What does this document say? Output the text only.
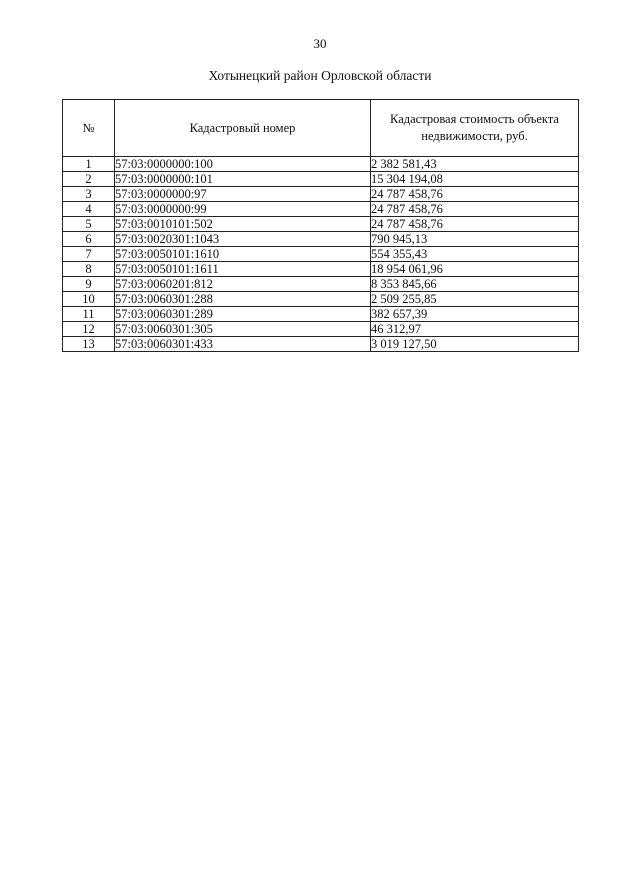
30
Хотынецкий район Орловской области
№	Кадастровый номер	Кадастровая стоимость объекта недвижимости, руб.
1	57:03:0000000:100	2 382 581,43
2	57:03:0000000:101	15 304 194,08
3	57:03:0000000:97	24 787 458,76
4	57:03:0000000:99	24 787 458,76
5	57:03:0010101:502	24 787 458,76
6	57:03:0020301:1043	790 945,13
7	57:03:0050101:1610	554 355,43
8	57:03:0050101:1611	18 954 061,96
9	57:03:0060201:812	8 353 845,66
10	57:03:0060301:288	2 509 255,85
11	57:03:0060301:289	382 657,39
12	57:03:0060301:305	46 312,97
13	57:03:0060301:433	3 019 127,50
